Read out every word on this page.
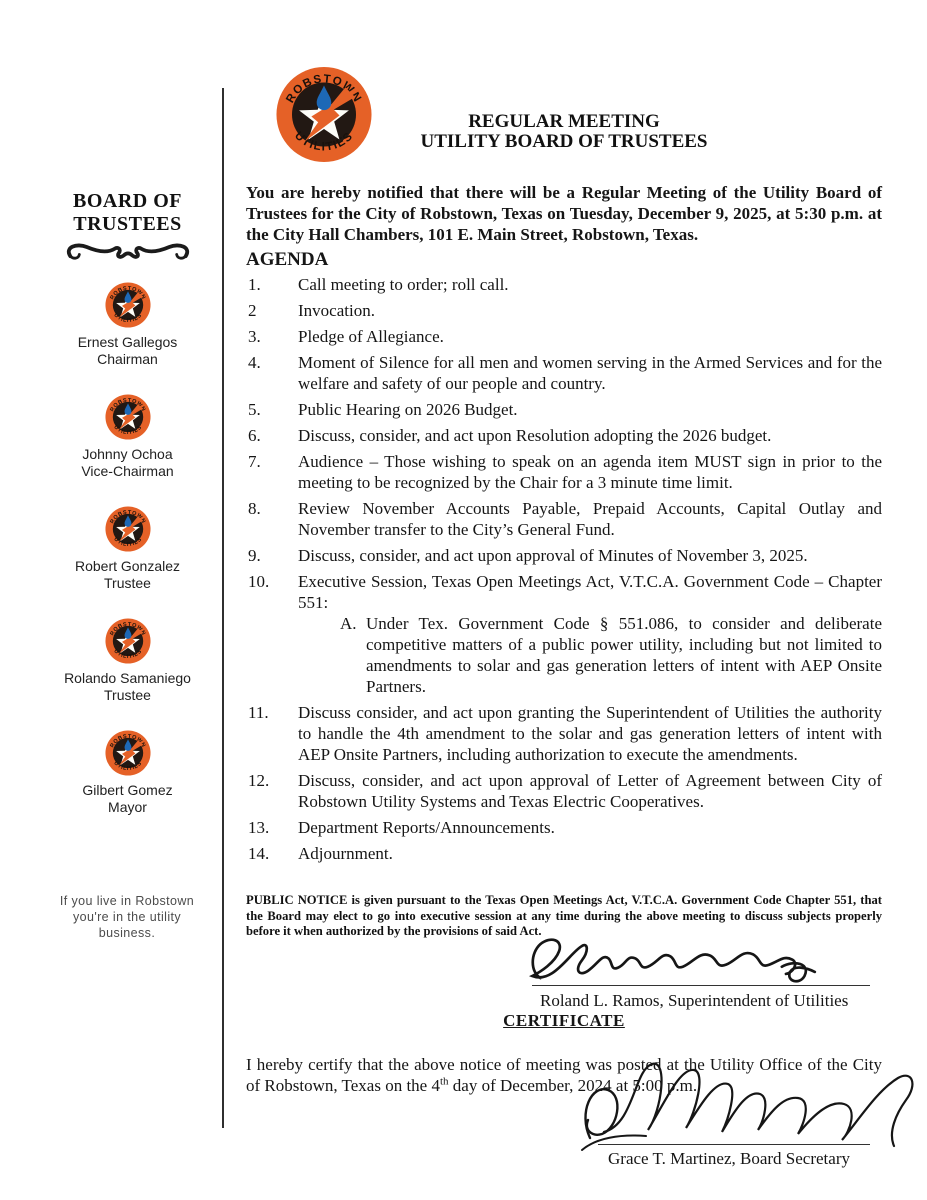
BOARD OF
TRUSTEES
Ernest Gallegos
Chairman
Johnny Ochoa
Vice-Chairman
Robert Gonzalez
Trustee
Rolando Samaniego
Trustee
Gilbert Gomez
Mayor
If you live in Robstown you're in the utility business.
REGULAR MEETING
UTILITY BOARD OF TRUSTEES

You are hereby notified that there will be a Regular Meeting of the Utility Board of Trustees for the City of Robstown, Texas on Tuesday, December 9, 2025, at 5:30 p.m. at the City Hall Chambers, 101 E. Main Street, Robstown, Texas.

AGENDA
1. Call meeting to order; roll call.
2 Invocation.
3. Pledge of Allegiance.
4. Moment of Silence for all men and women serving in the Armed Services and for the welfare and safety of our people and country.
5. Public Hearing on 2026 Budget.
6. Discuss, consider, and act upon Resolution adopting the 2026 budget.
7. Audience – Those wishing to speak on an agenda item MUST sign in prior to the meeting to be recognized by the Chair for a 3 minute time limit.
8. Review November Accounts Payable, Prepaid Accounts, Capital Outlay and November transfer to the City’s General Fund.
9. Discuss, consider, and act upon approval of Minutes of November 3, 2025.
10. Executive Session, Texas Open Meetings Act, V.T.C.A. Government Code – Chapter 551:
A. Under Tex. Government Code § 551.086, to consider and deliberate competitive matters of a public power utility, including but not limited to amendments to solar and gas generation letters of intent with AEP Onsite Partners.
11. Discuss consider, and act upon granting the Superintendent of Utilities the authority to handle the 4th amendment to the solar and gas generation letters of intent with AEP Onsite Partners, including authorization to execute the amendments.
12. Discuss, consider, and act upon approval of Letter of Agreement between City of Robstown Utility Systems and Texas Electric Cooperatives.
13. Department Reports/Announcements.
14. Adjournment.
PUBLIC NOTICE is given pursuant to the Texas Open Meetings Act, V.T.C.A. Government Code Chapter 551, that the Board may elect to go into executive session at any time during the above meeting to discuss subjects properly before it when authorized by the provisions of said Act.
Roland L. Ramos, Superintendent of Utilities
CERTIFICATE

I hereby certify that the above notice of meeting was posted at the Utility Office of the City of Robstown, Texas on the 4th day of December, 2024 at 5:00 p.m.

Grace T. Martinez, Board Secretary
